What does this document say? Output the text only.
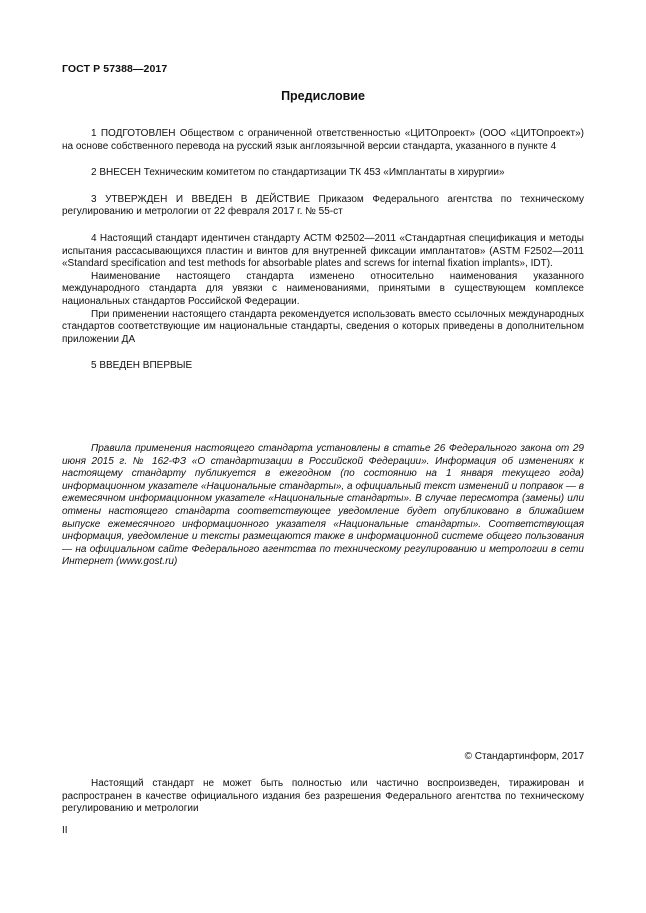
ГОСТ Р 57388—2017
Предисловие

1 ПОДГОТОВЛЕН Обществом с ограниченной ответственностью «ЦИТОпроект» (ООО «ЦИТОпроект») на основе собственного перевода на русский язык англоязычной версии стандарта, указанного в пункте 4

2 ВНЕСЕН Техническим комитетом по стандартизации ТК 453 «Имплантаты в хирургии»

3 УТВЕРЖДЕН И ВВЕДЕН В ДЕЙСТВИЕ Приказом Федерального агентства по техническому регулированию и метрологии от 22 февраля 2017 г. № 55-ст

4 Настоящий стандарт идентичен стандарту АСТМ Ф2502—2011 «Стандартная спецификация и методы испытания рассасывающихся пластин и винтов для внутренней фиксации имплантатов» (ASTM F2502—2011 «Standard specification and test methods for absorbable plates and screws for internal fixation implants», IDT).

Наименование настоящего стандарта изменено относительно наименования указанного международного стандарта для увязки с наименованиями, принятыми в существующем комплексе национальных стандартов Российской Федерации.

При применении настоящего стандарта рекомендуется использовать вместо ссылочных международных стандартов соответствующие им национальные стандарты, сведения о которых приведены в дополнительном приложении ДА

5 ВВЕДЕН ВПЕРВЫЕ

Правила применения настоящего стандарта установлены в статье 26 Федерального закона от 29 июня 2015 г. № 162-ФЗ «О стандартизации в Российской Федерации». Информация об изменениях к настоящему стандарту публикуется в ежегодном (по состоянию на 1 января текущего года) информационном указателе «Национальные стандарты», а официальный текст изменений и поправок — в ежемесячном информационном указателе «Национальные стандарты». В случае пересмотра (замены) или отмены настоящего стандарта соответствующее уведомление будет опубликовано в ближайшем выпуске ежемесячного информационного указателя «Национальные стандарты». Соответствующая информация, уведомление и тексты размещаются также в информационной системе общего пользования — на официальном сайте Федерального агентства по техническому регулированию и метрологии в сети Интернет (www.gost.ru)

© Стандартинформ, 2017

Настоящий стандарт не может быть полностью или частично воспроизведен, тиражирован и распространен в качестве официального издания без разрешения Федерального агентства по техническому регулированию и метрологии

II
